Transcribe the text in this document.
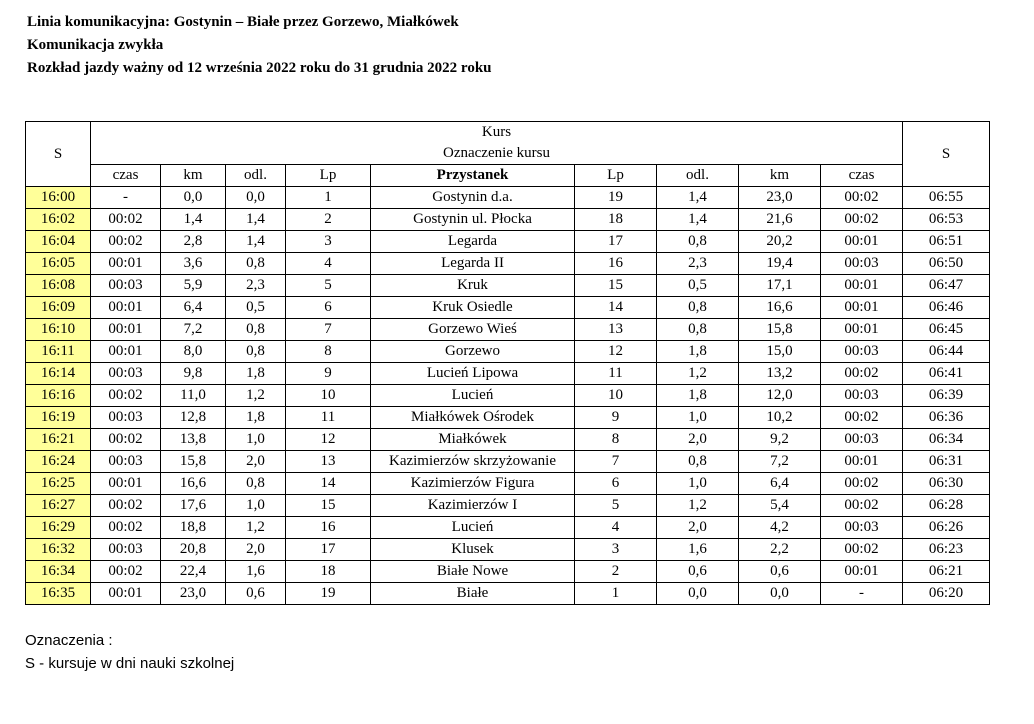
Linia komunikacyjna: Gostynin – Białe przez Gorzewo, Miałkówek
Komunikacja zwykła
Rozkład jazdy ważny od 12 września 2022 roku do 31 grudnia 2022 roku
S	Kurs
Oznaczenie kursu									S
	czas	km	odl.	Lp	Przystanek	Lp	odl.	km	czas	
16:00	-	0,0	0,0	1	Gostynin d.a.	19	1,4	23,0	00:02	06:55
16:02	00:02	1,4	1,4	2	Gostynin ul. Płocka	18	1,4	21,6	00:02	06:53
16:04	00:02	2,8	1,4	3	Legarda	17	0,8	20,2	00:01	06:51
16:05	00:01	3,6	0,8	4	Legarda II	16	2,3	19,4	00:03	06:50
16:08	00:03	5,9	2,3	5	Kruk	15	0,5	17,1	00:01	06:47
16:09	00:01	6,4	0,5	6	Kruk Osiedle	14	0,8	16,6	00:01	06:46
16:10	00:01	7,2	0,8	7	Gorzewo Wieś	13	0,8	15,8	00:01	06:45
16:11	00:01	8,0	0,8	8	Gorzewo	12	1,8	15,0	00:03	06:44
16:14	00:03	9,8	1,8	9	Lucień Lipowa	11	1,2	13,2	00:02	06:41
16:16	00:02	11,0	1,2	10	Lucień	10	1,8	12,0	00:03	06:39
16:19	00:03	12,8	1,8	11	Miałkówek Ośrodek	9	1,0	10,2	00:02	06:36
16:21	00:02	13,8	1,0	12	Miałkówek	8	2,0	9,2	00:03	06:34
16:24	00:03	15,8	2,0	13	Kazimierzów skrzyżowanie	7	0,8	7,2	00:01	06:31
16:25	00:01	16,6	0,8	14	Kazimierzów Figura	6	1,0	6,4	00:02	06:30
16:27	00:02	17,6	1,0	15	Kazimierzów I	5	1,2	5,4	00:02	06:28
16:29	00:02	18,8	1,2	16	Lucień	4	2,0	4,2	00:03	06:26
16:32	00:03	20,8	2,0	17	Klusek	3	1,6	2,2	00:02	06:23
16:34	00:02	22,4	1,6	18	Białe Nowe	2	0,6	0,6	00:01	06:21
16:35	00:01	23,0	0,6	19	Białe	1	0,0	0,0	-	06:20
Oznaczenia :
S - kursuje w dni nauki szkolnej
